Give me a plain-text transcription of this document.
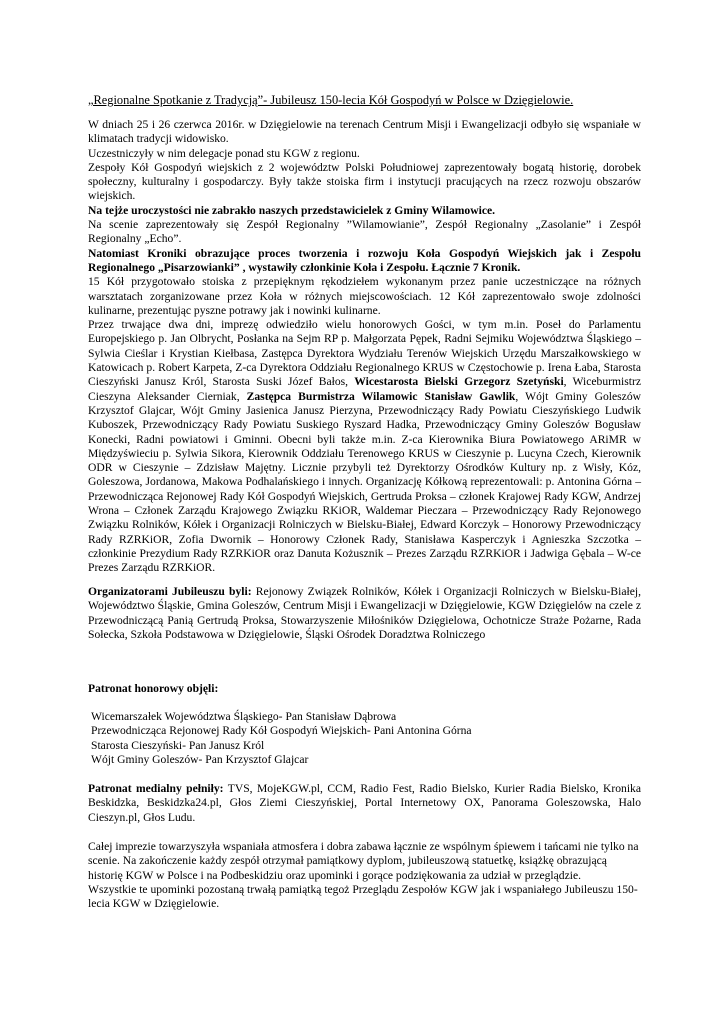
„Regionalne Spotkanie z Tradycją”- Jubileusz 150-lecia Kół Gospodyń w Polsce w Dzięgielowie.

W dniach 25 i 26 czerwca 2016r. w Dzięgielowie na terenach Centrum Misji i Ewangelizacji odbyło się wspaniałe w klimatach tradycji widowisko.

Uczestniczyły w nim delegacje ponad stu KGW z regionu.

Zespoły Kół Gospodyń wiejskich z 2 województw Polski Południowej zaprezentowały bogatą historię, dorobek społeczny, kulturalny i gospodarczy. Były także stoiska firm i instytucji pracujących na rzecz rozwoju obszarów wiejskich.

Na tejże uroczystości nie zabrakło naszych przedstawicielek z Gminy Wilamowice.

Na scenie zaprezentowały się Zespół Regionalny ”Wilamowianie”, Zespół Regionalny „Zasolanie” i Zespół Regionalny „Echo”.

Natomiast Kroniki obrazujące proces tworzenia i rozwoju Koła Gospodyń Wiejskich jak i Zespołu Regionalnego „Pisarzowianki” , wystawiły członkinie Koła i Zespołu. Łącznie 7 Kronik.

15 Kół przygotowało stoiska z przepięknym rękodziełem wykonanym przez panie uczestniczące na różnych warsztatach zorganizowane przez Koła w różnych miejscowościach. 12 Kół zaprezentowało swoje zdolności kulinarne, prezentując pyszne potrawy jak i nowinki kulinarne.

Przez trwające dwa dni, imprezę odwiedziło wielu honorowych Gości, w tym m.in. Poseł do Parlamentu Europejskiego p. Jan Olbrycht, Posłanka na Sejm RP p. Małgorzata Pępek, Radni Sejmiku Województwa Śląskiego – Sylwia Cieślar i Krystian Kiełbasa, Zastępca Dyrektora Wydziału Terenów Wiejskich Urzędu Marszałkowskiego w Katowicach p. Robert Karpeta, Z-ca Dyrektora Oddziału Regionalnego KRUS w Częstochowie p. Irena Łaba, Starosta Cieszyński Janusz Król, Starosta Suski Józef Bałos, Wicestarosta Bielski Grzegorz Szetyński, Wiceburmistrz Cieszyna Aleksander Cierniak, Zastępca Burmistrza Wilamowic Stanisław Gawlik, Wójt Gminy Goleszów Krzysztof Glajcar, Wójt Gminy Jasienica Janusz Pierzyna, Przewodniczący Rady Powiatu Cieszyńskiego Ludwik Kuboszek, Przewodniczący Rady Powiatu Suskiego Ryszard Hadka, Przewodniczący Gminy Goleszów Bogusław Konecki, Radni powiatowi i Gminni. Obecni byli także m.in. Z-ca Kierownika Biura Powiatowego ARiMR w Międzyświeciu p. Sylwia Sikora, Kierownik Oddziału Terenowego KRUS w Cieszynie p. Lucyna Czech, Kierownik ODR w Cieszynie – Zdzisław Majętny. Licznie przybyli też Dyrektorzy Ośrodków Kultury np. z Wisły, Kóz, Goleszowa, Jordanowa, Makowa Podhalańskiego i innych. Organizację Kółkową reprezentowali: p. Antonina Górna – Przewodnicząca Rejonowej Rady Kół Gospodyń Wiejskich, Gertruda Proksa – członek Krajowej Rady KGW, Andrzej Wrona – Członek Zarządu Krajowego Związku RKiOR, Waldemar Pieczara – Przewodniczący Rady Rejonowego Związku Rolników, Kółek i Organizacji Rolniczych w Bielsku-Białej, Edward Korczyk – Honorowy Przewodniczący Rady RZRKiOR, Zofia Dwornik – Honorowy Członek Rady, Stanisława Kasperczyk i Agnieszka Szczotka – członkinie Prezydium Rady RZRKiOR oraz Danuta Kożusznik – Prezes Zarządu RZRKiOR i Jadwiga Gębala – W-ce Prezes Zarządu RZRKiOR.

Organizatorami Jubileuszu byli: Rejonowy Związek Rolników, Kółek i Organizacji Rolniczych w Bielsku-Białej, Województwo Śląskie, Gmina Goleszów, Centrum Misji i Ewangelizacji w Dzięgielowie, KGW Dzięgielów na czele z Przewodniczącą Panią Gertrudą Proksa, Stowarzyszenie Miłośników Dzięgielowa, Ochotnicze Straże Pożarne, Rada Sołecka, Szkoła Podstawowa w Dzięgielowie, Śląski Ośrodek Doradztwa Rolniczego
Patronat honorowy objęli:

Wicemarszałek Województwa Śląskiego- Pan Stanisław Dąbrowa

Przewodnicząca Rejonowej Rady Kół Gospodyń Wiejskich- Pani Antonina Górna

Starosta Cieszyński- Pan Janusz Król

Wójt Gminy Goleszów- Pan Krzysztof Glajcar

Patronat medialny pełniły: TVS, MojeKGW.pl, CCM, Radio Fest, Radio Bielsko, Kurier Radia Bielsko, Kronika Beskidzka, Beskidzka24.pl, Głos Ziemi Cieszyńskiej, Portal Internetowy OX, Panorama Goleszowska, Halo Cieszyn.pl, Głos Ludu.

Całej imprezie towarzyszyła wspaniała atmosfera i dobra zabawa łącznie ze wspólnym śpiewem i tańcami nie tylko na scenie. Na zakończenie każdy zespół otrzymał pamiątkowy dyplom, jubileuszową statuetkę, książkę obrazującą historię KGW w Polsce i na Podbeskidziu oraz upominki i gorące podziękowania za udział w przeglądzie.

Wszystkie te upominki pozostaną trwałą pamiątką tegoż Przeglądu Zespołów KGW jak i wspaniałego Jubileuszu 150-lecia KGW w Dzięgielowie.
